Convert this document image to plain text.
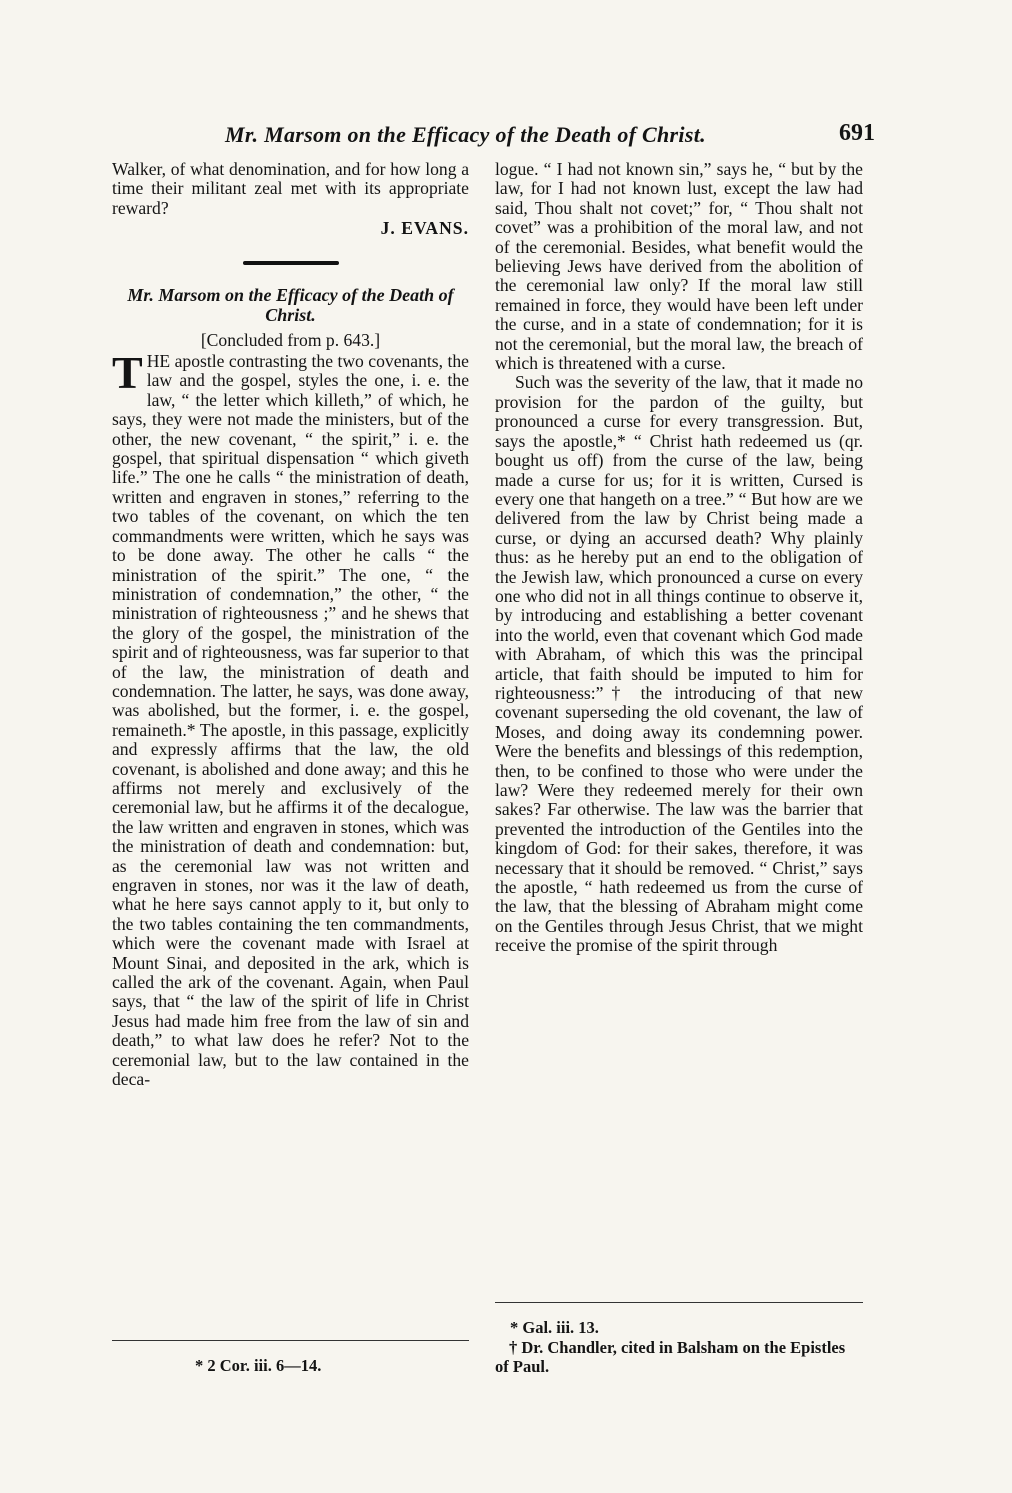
Mr. Marsom on the Efficacy of the Death of Christ.	691

Walker, of what denomination, and for how long a time their militant zeal met with its appropriate reward?

J. EVANS.
Mr. Marsom on the Efficacy of the Death of Christ.
[Concluded from p. 643.]

T HE apostle contrasting the two covenants, the law and the gospel, styles the one, i. e. the law, “ the letter which killeth,” of which, he says, they were not made the ministers, but of the other, the new covenant, “ the spirit,” i. e. the gospel, that spiritual dispensation “ which giveth life.” The one he calls “ the ministration of death, written and engraven in stones,” referring to the two tables of the covenant, on which the ten commandments were written, which he says was to be done away. The other he calls “ the ministration of the spirit.” The one, “ the ministration of condemnation,” the other, “ the ministration of righteousness ;” and he shews that the glory of the gospel, the ministration of the spirit and of righteousness, was far superior to that of the law, the ministration of death and condemnation. The latter, he says, was done away, was abolished, but the former, i. e. the gospel, remaineth.* The apostle, in this passage, explicitly and expressly affirms that the law, the old covenant, is abolished and done away; and this he affirms not merely and exclusively of the ceremonial law, but he affirms it of the decalogue, the law written and engraven in stones, which was the ministration of death and condemnation: but, as the ceremonial law was not written and engraven in stones, nor was it the law of death, what he here says cannot apply to it, but only to the two tables containing the ten commandments, which were the covenant made with Israel at Mount Sinai, and deposited in the ark, which is called the ark of the covenant. Again, when Paul says, that “ the law of the spirit of life in Christ Jesus had made him free from the law of sin and death,” to what law does he refer? Not to the ceremonial law, but to the law contained in the deca-

* 2 Cor. iii. 6—14.

logue. “ I had not known sin,” says he, “ but by the law, for I had not known lust, except the law had said, Thou shalt not covet;” for, “ Thou shalt not covet” was a prohibition of the moral law, and not of the ceremonial. Besides, what benefit would the believing Jews have derived from the abolition of the ceremonial law only? If the moral law still remained in force, they would have been left under the curse, and in a state of condemnation; for it is not the ceremonial, but the moral law, the breach of which is threatened with a curse.

Such was the severity of the law, that it made no provision for the pardon of the guilty, but pronounced a curse for every transgression. But, says the apostle,* “ Christ hath redeemed us (qr. bought us off) from the curse of the law, being made a curse for us; for it is written, Cursed is every one that hangeth on a tree.” “ But how are we delivered from the law by Christ being made a curse, or dying an accursed death? Why plainly thus: as he hereby put an end to the obligation of the Jewish law, which pronounced a curse on every one who did not in all things continue to observe it, by introducing and establishing a better covenant into the world, even that covenant which God made with Abraham, of which this was the principal article, that faith should be imputed to him for righteousness:”† the introducing of that new covenant superseding the old covenant, the law of Moses, and doing away its condemning power. Were the benefits and blessings of this redemption, then, to be confined to those who were under the law? Were they redeemed merely for their own sakes? Far otherwise. The law was the barrier that prevented the introduction of the Gentiles into the kingdom of God: for their sakes, therefore, it was necessary that it should be removed. “ Christ,” says the apostle, “ hath redeemed us from the curse of the law, that the blessing of Abraham might come on the Gentiles through Jesus Christ, that we might receive the promise of the spirit through

* Gal. iii. 13.
† Dr. Chandler, cited in Balsham on the Epistles of Paul.
